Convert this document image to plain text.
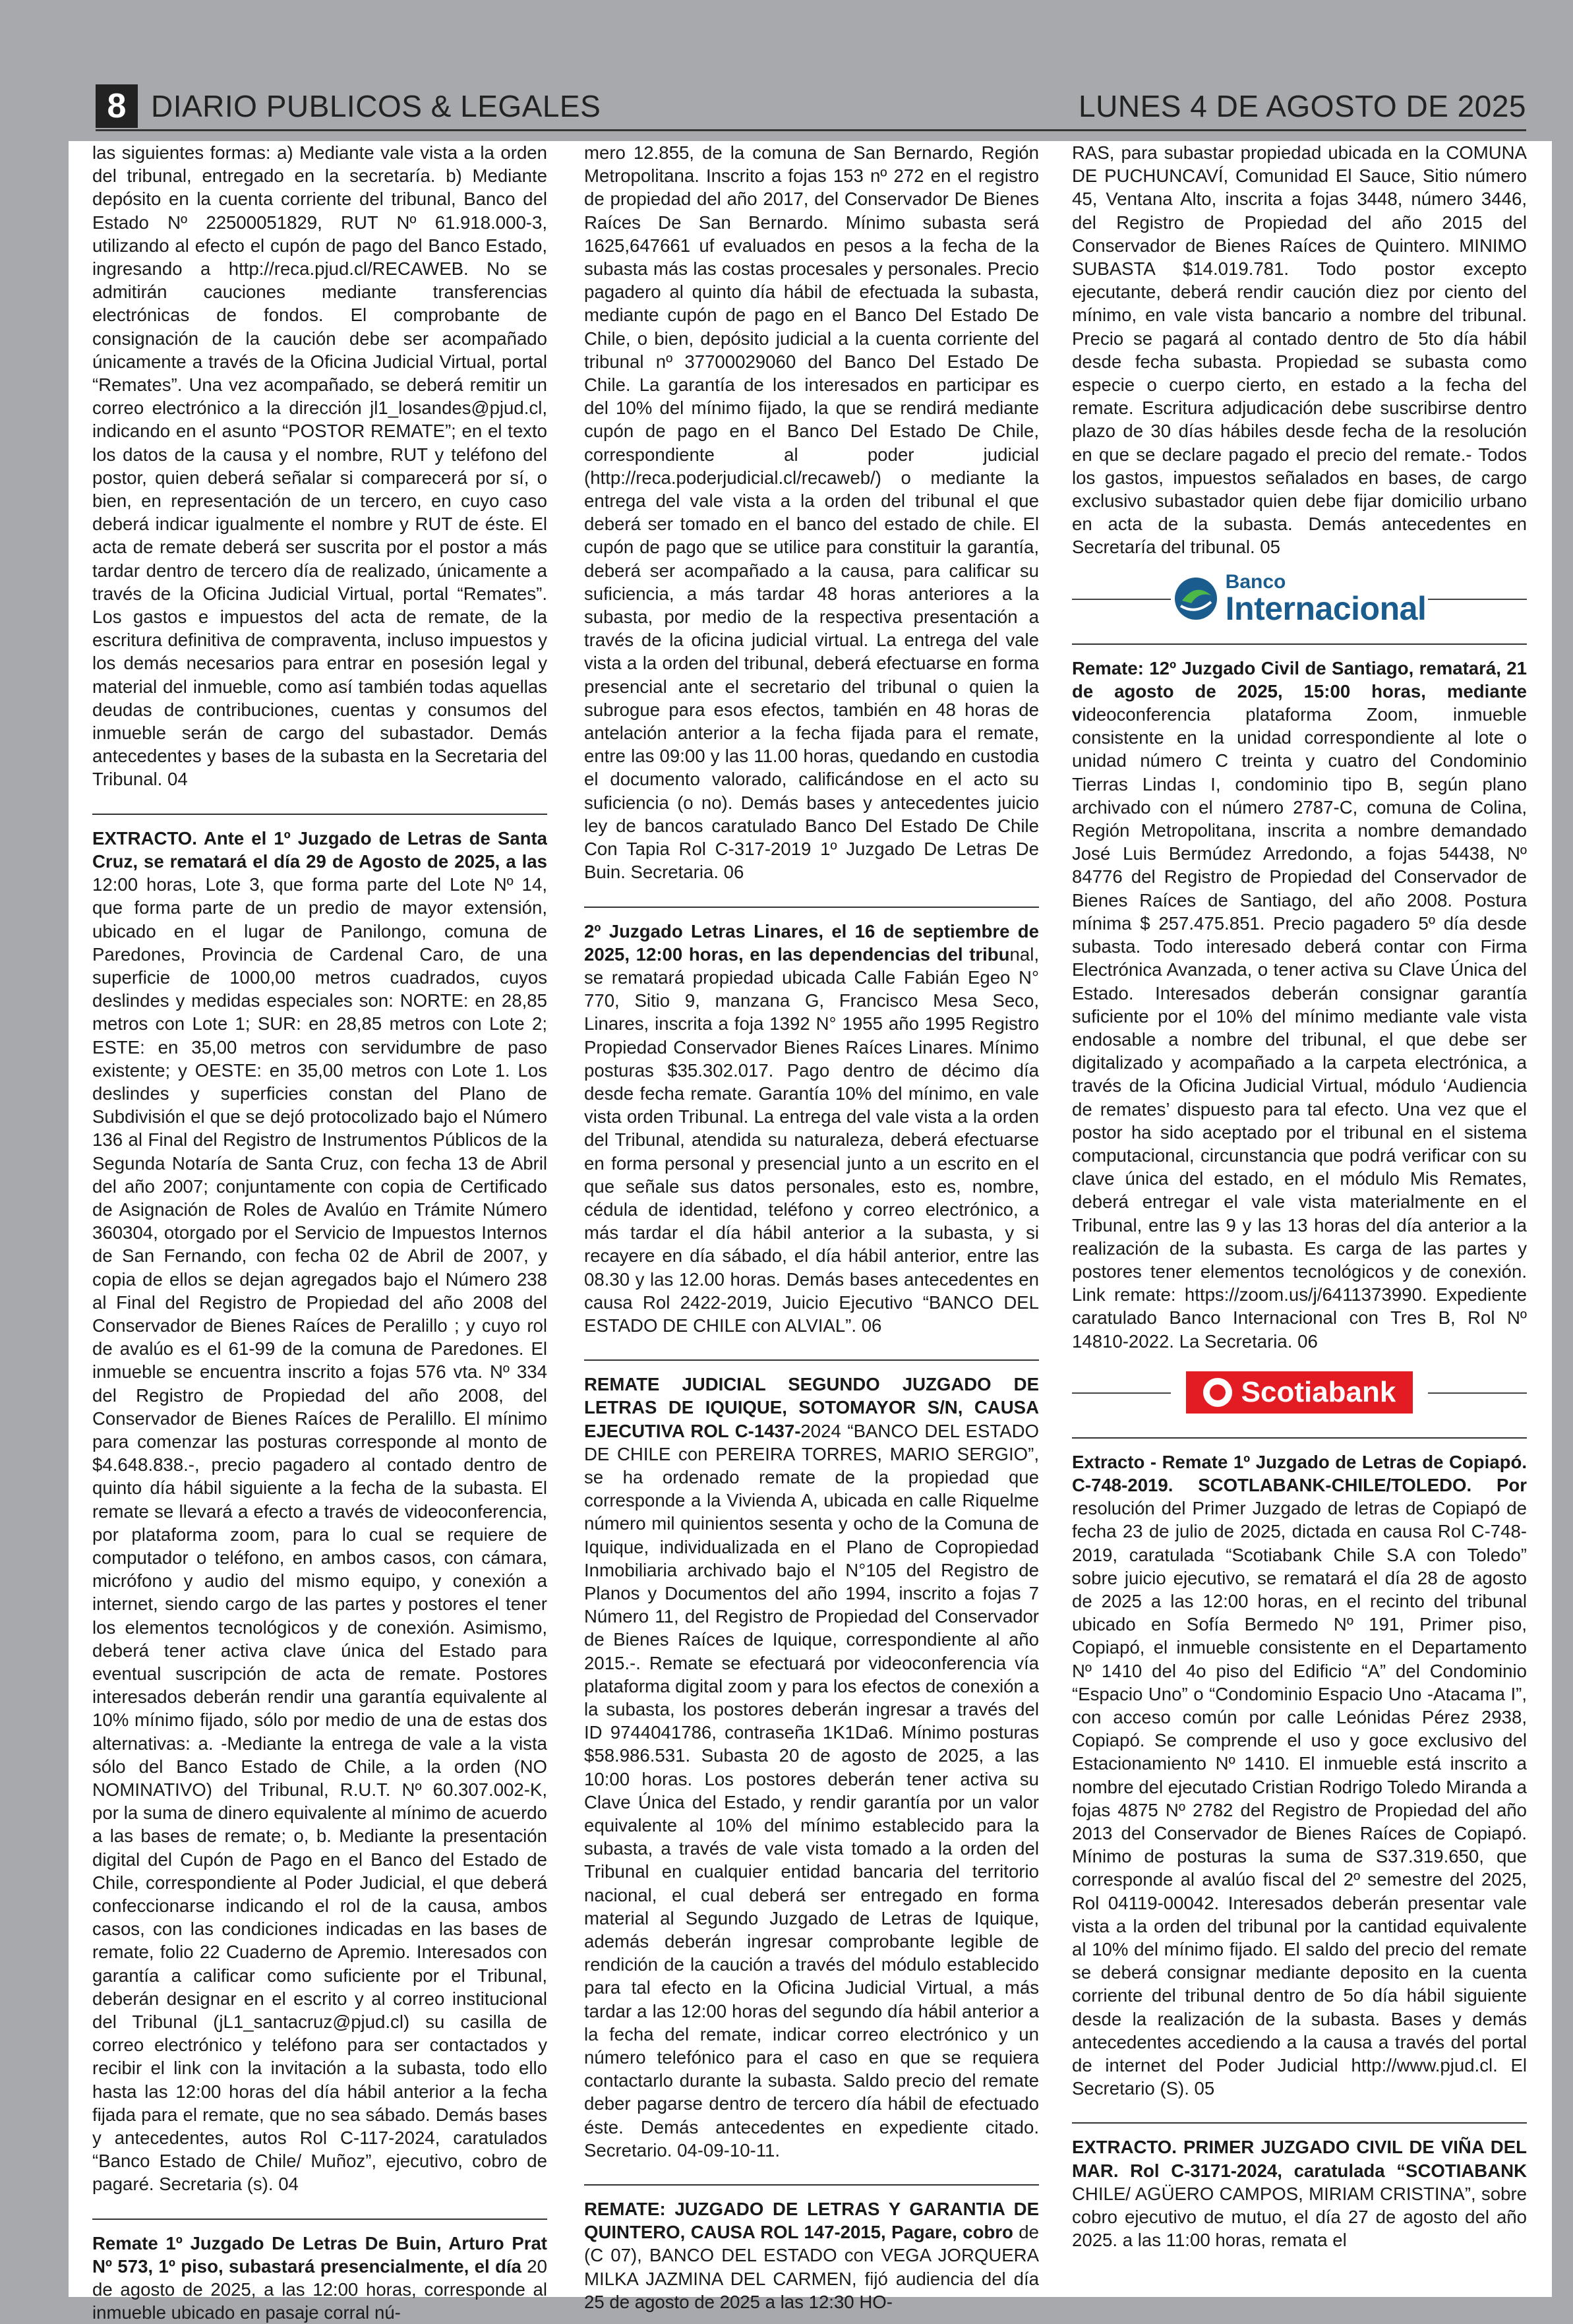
8 DIARIO PUBLICOS & LEGALES	LUNES 4 DE AGOSTO DE 2025

las siguientes formas: a) Mediante vale vista a la orden del tribunal, entregado en la secretaría. b) Mediante depósito en la cuenta corriente del tribunal, Banco del Estado Nº 22500051829, RUT Nº 61.918.000-3, utilizando al efecto el cupón de pago del Banco Estado, ingresando a http://reca.pjud.cl/RECAWEB. No se admitirán cauciones mediante transferencias electrónicas de fondos. El comprobante de consignación de la caución debe ser acompañado únicamente a través de la Oficina Judicial Virtual, portal “Remates”. Una vez acompañado, se deberá remitir un correo electrónico a la dirección jl1_losandes@pjud.cl, indicando en el asunto “POSTOR REMATE”; en el texto los datos de la causa y el nombre, RUT y teléfono del postor, quien deberá señalar si comparecerá por sí, o bien, en representación de un tercero, en cuyo caso deberá indicar igualmente el nombre y RUT de éste. El acta de remate deberá ser suscrita por el postor a más tardar dentro de tercero día de realizado, únicamente a través de la Oficina Judicial Virtual, portal “Remates”. Los gastos e impuestos del acta de remate, de la escritura definitiva de compraventa, incluso impuestos y los demás necesarios para entrar en posesión legal y material del inmueble, como así también todas aquellas deudas de contribuciones, cuentas y consumos del inmueble serán de cargo del subastador. Demás antecedentes y bases de la subasta en la Secretaria del Tribunal. 04

EXTRACTO. Ante el 1º Juzgado de Letras de Santa Cruz, se rematará el día 29 de Agosto de 2025, a las 12:00 horas, Lote 3, que forma parte del Lote Nº 14, que forma parte de un predio de mayor extensión, ubicado en el lugar de Panilongo, comuna de Paredones, Provincia de Cardenal Caro, de una superficie de 1000,00 metros cuadrados, cuyos deslindes y medidas especiales son: NORTE: en 28,85 metros con Lote 1; SUR: en 28,85 metros con Lote 2; ESTE: en 35,00 metros con servidumbre de paso existente; y OESTE: en 35,00 metros con Lote 1. Los deslindes y superficies constan del Plano de Subdivisión el que se dejó protocolizado bajo el Número 136 al Final del Registro de Instrumentos Públicos de la Segunda Notaría de Santa Cruz, con fecha 13 de Abril del año 2007; conjuntamente con copia de Certificado de Asignación de Roles de Avalúo en Trámite Número 360304, otorgado por el Servicio de Impuestos Internos de San Fernando, con fecha 02 de Abril de 2007, y copia de ellos se dejan agregados bajo el Número 238 al Final del Registro de Propiedad del año 2008 del Conservador de Bienes Raíces de Peralillo ; y cuyo rol de avalúo es el 61-99 de la comuna de Paredones. El inmueble se encuentra inscrito a fojas 576 vta. Nº 334 del Registro de Propiedad del año 2008, del Conservador de Bienes Raíces de Peralillo. El mínimo para comenzar las posturas corresponde al monto de $4.648.838.-, precio pagadero al contado dentro de quinto día hábil siguiente a la fecha de la subasta. El remate se llevará a efecto a través de videoconferencia, por plataforma zoom, para lo cual se requiere de computador o teléfono, en ambos casos, con cámara, micrófono y audio del mismo equipo, y conexión a internet, siendo cargo de las partes y postores el tener los elementos tecnológicos y de conexión. Asimismo, deberá tener activa clave única del Estado para eventual suscripción de acta de remate. Postores interesados deberán rendir una garantía equivalente al 10% mínimo fijado, sólo por medio de una de estas dos alternativas: a. -Mediante la entrega de vale a la vista sólo del Banco Estado de Chile, a la orden (NO NOMINATIVO) del Tribunal, R.U.T. Nº 60.307.002-K, por la suma de dinero equivalente al mínimo de acuerdo a las bases de remate; o, b. Mediante la presentación digital del Cupón de Pago en el Banco del Estado de Chile, correspondiente al Poder Judicial, el que deberá confeccionarse indicando el rol de la causa, ambos casos, con las condiciones indicadas en las bases de remate, folio 22 Cuaderno de Apremio. Interesados con garantía a calificar como suficiente por el Tribunal, deberán designar en el escrito y al correo institucional del Tribunal (jL1_santacruz@pjud.cl) su casilla de correo electrónico y teléfono para ser contactados y recibir el link con la invitación a la subasta, todo ello hasta las 12:00 horas del día hábil anterior a la fecha fijada para el remate, que no sea sábado. Demás bases y antecedentes, autos Rol C-117-2024, caratulados “Banco Estado de Chile/ Muñoz”, ejecutivo, cobro de pagaré. Secretaria (s). 04

Remate 1º Juzgado De Letras De Buin, Arturo Prat Nº 573, 1º piso, subastará presencialmente, el día 20 de agosto de 2025, a las 12:00 horas, corresponde al inmueble ubicado en pasaje corral nú-

mero 12.855, de la comuna de San Bernardo, Región Metropolitana. Inscrito a fojas 153 nº 272 en el registro de propiedad del año 2017, del Conservador De Bienes Raíces De San Bernardo. Mínimo subasta será 1625,647661 uf evaluados en pesos a la fecha de la subasta más las costas procesales y personales. Precio pagadero al quinto día hábil de efectuada la subasta, mediante cupón de pago en el Banco Del Estado De Chile, o bien, depósito judicial a la cuenta corriente del tribunal nº 37700029060 del Banco Del Estado De Chile. La garantía de los interesados en participar es del 10% del mínimo fijado, la que se rendirá mediante cupón de pago en el Banco Del Estado De Chile, correspondiente al poder judicial (http://reca.poderjudicial.cl/recaweb/) o mediante la entrega del vale vista a la orden del tribunal el que deberá ser tomado en el banco del estado de chile. El cupón de pago que se utilice para constituir la garantía, deberá ser acompañado a la causa, para calificar su suficiencia, a más tardar 48 horas anteriores a la subasta, por medio de la respectiva presentación a través de la oficina judicial virtual. La entrega del vale vista a la orden del tribunal, deberá efectuarse en forma presencial ante el secretario del tribunal o quien la subrogue para esos efectos, también en 48 horas de antelación anterior a la fecha fijada para el remate, entre las 09:00 y las 11.00 horas, quedando en custodia el documento valorado, calificándose en el acto su suficiencia (o no). Demás bases y antecedentes juicio ley de bancos caratulado Banco Del Estado De Chile Con Tapia Rol C-317-2019 1º Juzgado De Letras De Buin. Secretaria. 06

2º Juzgado Letras Linares, el 16 de septiembre de 2025, 12:00 horas, en las dependencias del tribunal, se rematará propiedad ubicada Calle Fabián Egeo N° 770, Sitio 9, manzana G, Francisco Mesa Seco, Linares, inscrita a foja 1392 N° 1955 año 1995 Registro Propiedad Conservador Bienes Raíces Linares. Mínimo posturas $35.302.017. Pago dentro de décimo día desde fecha remate. Garantía 10% del mínimo, en vale vista orden Tribunal. La entrega del vale vista a la orden del Tribunal, atendida su naturaleza, deberá efectuarse en forma personal y presencial junto a un escrito en el que señale sus datos personales, esto es, nombre, cédula de identidad, teléfono y correo electrónico, a más tardar el día hábil anterior a la subasta, y si recayere en día sábado, el día hábil anterior, entre las 08.30 y las 12.00 horas. Demás bases antecedentes en causa Rol 2422-2019, Juicio Ejecutivo “BANCO DEL ESTADO DE CHILE con ALVIAL”. 06

REMATE JUDICIAL SEGUNDO JUZGADO DE LETRAS DE IQUIQUE, SOTOMAYOR S/N, CAUSA EJECUTIVA ROL C-1437-2024 “BANCO DEL ESTADO DE CHILE con PEREIRA TORRES, MARIO SERGIO”, se ha ordenado remate de la propiedad que corresponde a la Vivienda A, ubicada en calle Riquelme número mil quinientos sesenta y ocho de la Comuna de Iquique, individualizada en el Plano de Copropiedad Inmobiliaria archivado bajo el N°105 del Registro de Planos y Documentos del año 1994, inscrito a fojas 7 Número 11, del Registro de Propiedad del Conservador de Bienes Raíces de Iquique, correspondiente al año 2015.-. Remate se efectuará por videoconferencia vía plataforma digital zoom y para los efectos de conexión a la subasta, los postores deberán ingresar a través del ID 9744041786, contraseña 1K1Da6. Mínimo posturas $58.986.531. Subasta 20 de agosto de 2025, a las 10:00 horas. Los postores deberán tener activa su Clave Única del Estado, y rendir garantía por un valor equivalente al 10% del mínimo establecido para la subasta, a través de vale vista tomado a la orden del Tribunal en cualquier entidad bancaria del territorio nacional, el cual deberá ser entregado en forma material al Segundo Juzgado de Letras de Iquique, además deberán ingresar comprobante legible de rendición de la caución a través del módulo establecido para tal efecto en la Oficina Judicial Virtual, a más tardar a las 12:00 horas del segundo día hábil anterior a la fecha del remate, indicar correo electrónico y un número telefónico para el caso en que se requiera contactarlo durante la subasta. Saldo precio del remate deber pagarse dentro de tercero día hábil de efectuado éste. Demás antecedentes en expediente citado. Secretario. 04-09-10-11.

REMATE: JUZGADO DE LETRAS Y GARANTIA DE QUINTERO, CAUSA ROL 147-2015, Pagare, cobro de (C 07), BANCO DEL ESTADO con VEGA JORQUERA MILKA JAZMINA DEL CARMEN, fijó audiencia del día 25 de agosto de 2025 a las 12:30 HO-

RAS, para subastar propiedad ubicada en la COMUNA DE PUCHUNCAVÍ, Comunidad El Sauce, Sitio número 45, Ventana Alto, inscrita a fojas 3448, número 3446, del Registro de Propiedad del año 2015 del Conservador de Bienes Raíces de Quintero. MINIMO SUBASTA $14.019.781. Todo postor excepto ejecutante, deberá rendir caución diez por ciento del mínimo, en vale vista bancario a nombre del tribunal. Precio se pagará al contado dentro de 5to día hábil desde fecha subasta. Propiedad se subasta como especie o cuerpo cierto, en estado a la fecha del remate. Escritura adjudicación debe suscribirse dentro plazo de 30 días hábiles desde fecha de la resolución en que se declare pagado el precio del remate.- Todos los gastos, impuestos señalados en bases, de cargo exclusivo subastador quien debe fijar domicilio urbano en acta de la subasta. Demás antecedentes en Secretaría del tribunal. 05

Banco
Internacional

Remate: 12º Juzgado Civil de Santiago, rematará, 21 de agosto de 2025, 15:00 horas, mediante videoconferencia plataforma Zoom, inmueble consistente en la unidad correspondiente al lote o unidad número C treinta y cuatro del Condominio Tierras Lindas I, condominio tipo B, según plano archivado con el número 2787-C, comuna de Colina, Región Metropolitana, inscrita a nombre demandado José Luis Bermúdez Arredondo, a fojas 54438, Nº 84776 del Registro de Propiedad del Conservador de Bienes Raíces de Santiago, del año 2008. Postura mínima $ 257.475.851. Precio pagadero 5º día desde subasta. Todo interesado deberá contar con Firma Electrónica Avanzada, o tener activa su Clave Única del Estado. Interesados deberán consignar garantía suficiente por el 10% del mínimo mediante vale vista endosable a nombre del tribunal, el que debe ser digitalizado y acompañado a la carpeta electrónica, a través de la Oficina Judicial Virtual, módulo ‘Audiencia de remates’ dispuesto para tal efecto. Una vez que el postor ha sido aceptado por el tribunal en el sistema computacional, circunstancia que podrá verificar con su clave única del estado, en el módulo Mis Remates, deberá entregar el vale vista materialmente en el Tribunal, entre las 9 y las 13 horas del día anterior a la realización de la subasta. Es carga de las partes y postores tener elementos tecnológicos y de conexión. Link remate: https://zoom.us/j/6411373990. Expediente caratulado Banco Internacional con Tres B, Rol Nº 14810-2022. La Secretaria. 06

Scotiabank

Extracto - Remate 1º Juzgado de Letras de Copiapó. C-748-2019. SCOTLABANK-CHILE/TOLEDO. Por resolución del Primer Juzgado de letras de Copiapó de fecha 23 de julio de 2025, dictada en causa Rol C-748-2019, caratulada “Scotiabank Chile S.A con Toledo” sobre juicio ejecutivo, se rematará el día 28 de agosto de 2025 a las 12:00 horas, en el recinto del tribunal ubicado en Sofía Bermedo Nº 191, Primer piso, Copiapó, el inmueble consistente en el Departamento Nº 1410 del 4o piso del Edificio “A” del Condominio “Espacio Uno” o “Condominio Espacio Uno -Atacama I”, con acceso común por calle Leónidas Pérez 2938, Copiapó. Se comprende el uso y goce exclusivo del Estacionamiento Nº 1410. El inmueble está inscrito a nombre del ejecutado Cristian Rodrigo Toledo Miranda a fojas 4875 Nº 2782 del Registro de Propiedad del año 2013 del Conservador de Bienes Raíces de Copiapó. Mínimo de posturas la suma de S37.319.650, que corresponde al avalúo fiscal del 2º semestre del 2025, Rol 04119-00042. Interesados deberán presentar vale vista a la orden del tribunal por la cantidad equivalente al 10% del mínimo fijado. El saldo del precio del remate se deberá consignar mediante deposito en la cuenta corriente del tribunal dentro de 5o día hábil siguiente desde la realización de la subasta. Bases y demás antecedentes accediendo a la causa a través del portal de internet del Poder Judicial http://www.pjud.cl. El Secretario (S). 05

EXTRACTO. PRIMER JUZGADO CIVIL DE VIÑA DEL MAR. Rol C-3171-2024, caratulada “SCOTIABANK CHILE/ AGÜERO CAMPOS, MIRIAM CRISTINA”, sobre cobro ejecutivo de mutuo, el día 27 de agosto del año 2025. a las 11:00 horas, remata el
